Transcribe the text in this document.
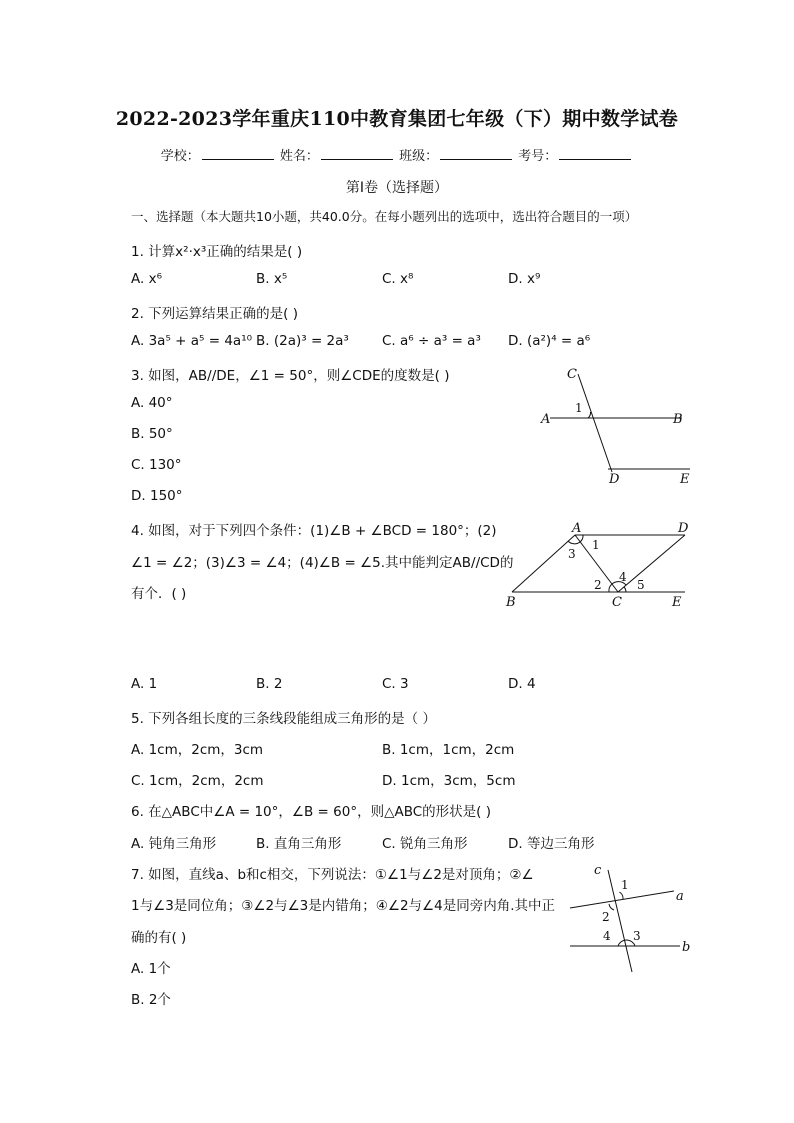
2022-2023学年重庆110中教育集团七年级（下）期中数学试卷
学校：	姓名：	班级：	考号：
第I卷（选择题）
一、选择题（本大题共10小题，共40.0分。在每小题列出的选项中，选出符合题目的一项）
1. 计算x²·x³正确的结果是( )
A. x⁶	B. x⁵	C. x⁸	D. x⁹
2. 下列运算结果正确的是( )
A. 3a⁵ + a⁵ = 4a¹⁰ B. (2a)³ = 2a³ C. a⁶ ÷ a³ = a³ D. (a²)⁴ = a⁶
3. 如图，AB//DE，∠1 = 50°，则∠CDE的度数是( )
A. 40°
B. 50°
C. 130°
D. 150°
C
A	B
D	E
1
4. 如图，对于下列四个条件：(1)∠B + ∠BCD = 180°；(2)
∠1 = ∠2；(3)∠3 = ∠4；(4)∠B = ∠5.其中能判定AB//CD的
有个．( )
A. 1	B. 2	C. 3	D. 4
A	D
B	C	E
1
2
3
4
5
5. 下列各组长度的三条线段能组成三角形的是（ ）
A. 1cm，2cm，3cm	B. 1cm，1cm，2cm
C. 1cm，2cm，2cm	D. 1cm，3cm，5cm
6. 在△ABC中∠A = 10°，∠B = 60°，则△ABC的形状是( )
A. 钝角三角形	B. 直角三角形	C. 锐角三角形	D. 等边三角形
7. 如图，直线a、b和c相交，下列说法：①∠1与∠2是对顶角；②∠
1与∠3是同位角；③∠2与∠3是内错角；④∠2与∠4是同旁内角.其中正
确的有( )
A. 1个
B. 2个
c
a
b
1
2
3
4
